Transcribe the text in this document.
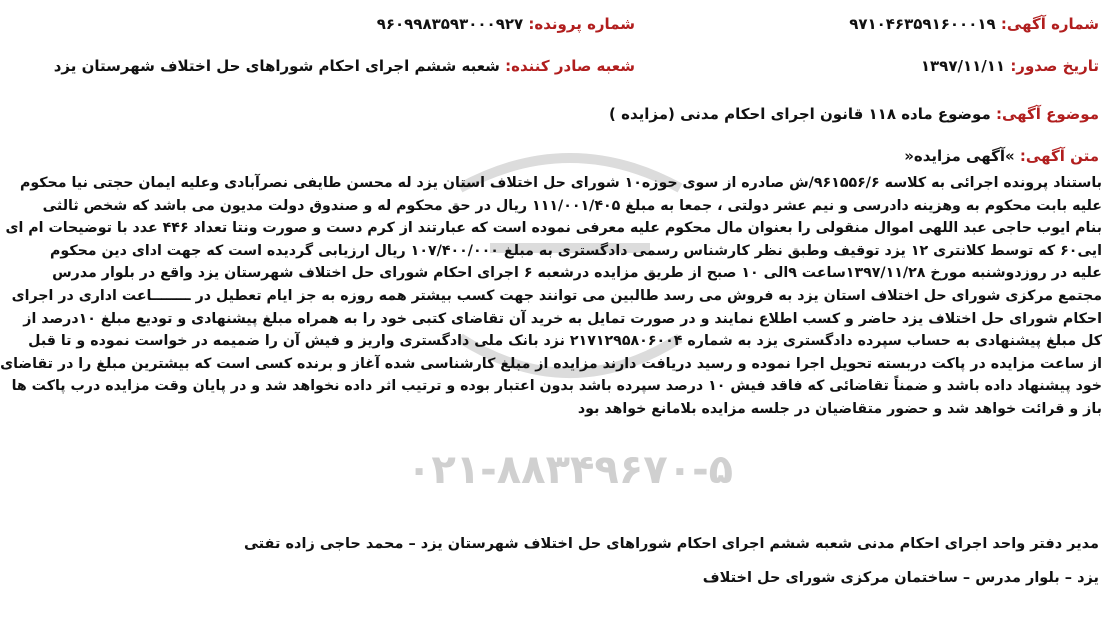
۰۲۱-۸۸۳۴۹۶۷۰-۵
شماره آگهی: ۹۷۱۰۴۶۳۵۹۱۶۰۰۰۱۹
شماره پرونده: ۹۶۰۹۹۸۳۵۹۳۰۰۰۹۲۷
تاریخ صدور: ۱۳۹۷/۱۱/۱۱
شعبه صادر کننده: شعبه ششم اجرای احکام شوراهای حل اختلاف شهرستان یزد
موضوع آگهی: موضوع ماده ۱۱۸ قانون اجرای احکام مدنی (مزایده )
متن آگهی: »آگهی مزایده«
باستناد پرونده اجرائی به کلاسه ۹۶۱۵۵۶/۶/ش صادره از سوی حوزه۱۰ شورای حل اختلاف استان یزد له محسن طایفی نصرآبادی وعلیه ایمان حجتی نیا محکوم
علیه بابت محکوم به وهزینه دادرسی و نیم عشر دولتی ، جمعا به مبلغ ۱۱۱/۰۰۱/۴۰۵ ریال در حق محکوم له و صندوق دولت مدیون می باشد که شخص ثالثی
بنام ایوب حاجی عبد اللهی اموال منقولی را بعنوان مال محکوم علیه معرفی نموده است که عبارتند از کرم دست و صورت ونتا تعداد ۴۴۶ عدد با توضیحات ام ای
ایی۶۰ که توسط کلانتری ۱۲ یزد توقیف وطبق نظر کارشناس رسمی دادگستری به مبلغ ۱۰۷/۴۰۰/۰۰۰ ریال ارزیابی گردیده است که جهت ادای دین محکوم
علیه در روزدوشنبه مورخ ۱۳۹۷/۱۱/۲۸ساعت ۹الی ۱۰ صبح از طریق مزایده درشعبه ۶ اجرای احکام شورای حل اختلاف شهرستان یزد واقع در بلوار مدرس
مجتمع مرکزی شورای حل اختلاف استان یزد به فروش می رسد طالبین می توانند جهت کسب بیشتر همه روزه به جز ایام تعطیل در ــــــــاعت اداری در اجرای
احکام شورای حل اختلاف یزد حاضر و کسب اطلاع نمایند و در صورت تمایل به خرید آن تقاضای کتبی خود را به همراه مبلغ پیشنهادی و تودیع مبلغ ۱۰درصد از
کل مبلغ پیشنهادی به حساب سپرده دادگستری یزد به شماره ۲۱۷۱۲۹۵۸۰۶۰۰۴ نزد بانک ملی دادگستری واریز و فیش آن را ضمیمه در خواست نموده و تا قبل
از ساعت مزایده در پاکت دربسته تحویل اجرا نموده و رسید دریافت دارند مزایده از مبلغ کارشناسی شده آغاز و برنده کسی است که بیشترین مبلغ را در تقاضای
خود پیشنهاد داده باشد و ضمناً تقاضائی که فاقد فیش ۱۰ درصد سپرده باشد بدون اعتبار بوده و ترتیب اثر داده نخواهد شد و در پایان وقت مزایده درب پاکت ها
باز و قرائت خواهد شد و حضور متقاضیان در جلسه مزایده بلامانع خواهد بود
مدیر دفتر واحد اجرای احکام مدنی شعبه ششم اجرای احکام شوراهای حل اختلاف شهرستان یزد – محمد حاجی زاده تفتی
یزد – بلوار مدرس – ساختمان مرکزی شورای حل اختلاف
